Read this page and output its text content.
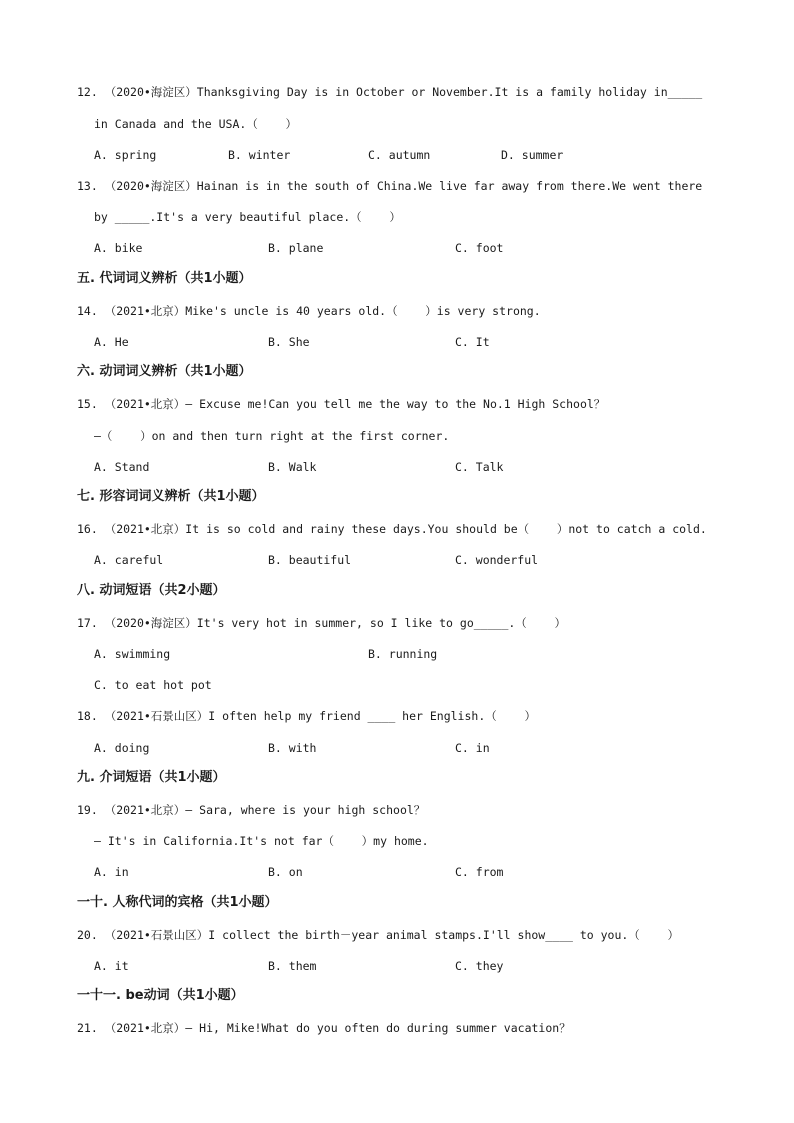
12. （2020•海淀区）Thanksgiving Day is in October or November.It is a family holiday in_____
in Canada and the USA.（    ）
A. spring	B. winter	C. autumn	D. summer
13. （2020•海淀区）Hainan is in the south of China.We live far away from there.We went there
by _____.It's a very beautiful place.（    ）
A. bike	B. plane	C. foot
五. 代词词义辨析（共1小题）
14. （2021•北京）Mike's uncle is 40 years old.（    ）is very strong.
A. He	B. She	C. It
六. 动词词义辨析（共1小题）
15. （2021•北京）— Excuse me!Can you tell me the way to the No.1 High School？
—（    ）on and then turn right at the first corner.
A. Stand	B. Walk	C. Talk
七. 形容词词义辨析（共1小题）
16. （2021•北京）It is so cold and rainy these days.You should be（    ）not to catch a cold.
A. careful	B. beautiful	C. wonderful
八. 动词短语（共2小题）
17. （2020•海淀区）It's very hot in summer, so I like to go_____.（    ）
A. swimming	B. running
C. to eat hot pot
18. （2021•石景山区）I often help my friend ____ her English.（    ）
A. doing	B. with	C. in
九. 介词短语（共1小题）
19. （2021•北京）— Sara, where is your high school？
— It's in California.It's not far（    ）my home.
A. in	B. on	C. from
一十. 人称代词的宾格（共1小题）
20. （2021•石景山区）I collect the birth－year animal stamps.I'll show____ to you.（    ）
A. it	B. them	C. they
一十一. be动词（共1小题）
21. （2021•北京）— Hi, Mike!What do you often do during summer vacation？
